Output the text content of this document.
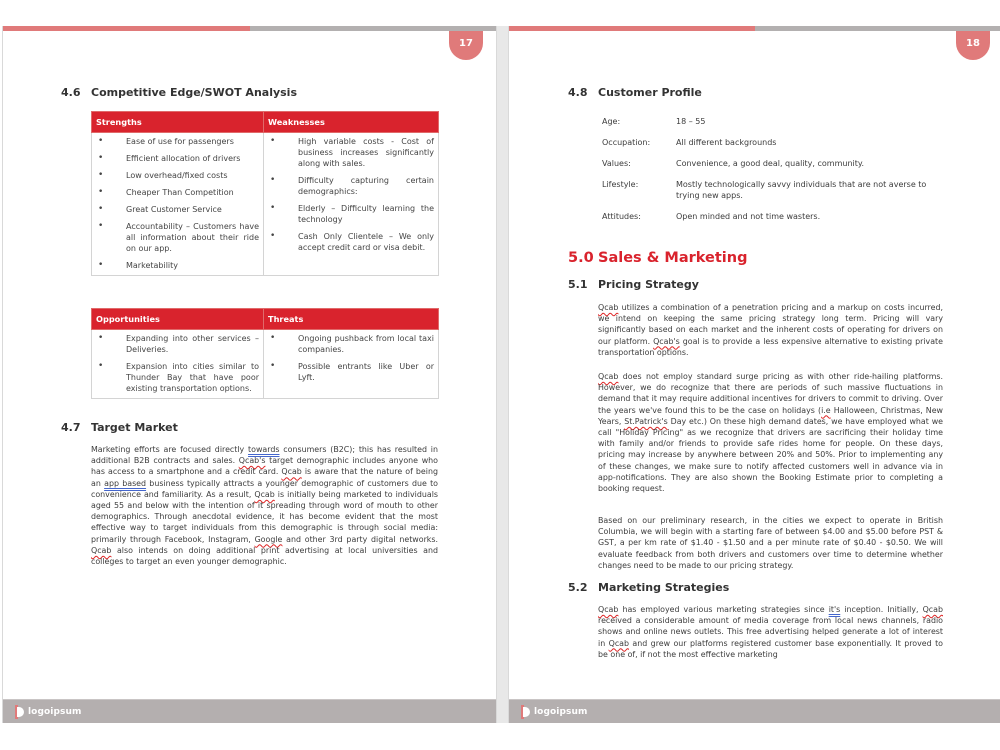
17
4.6 Competitive Edge/SWOT Analysis
Strengths	Weaknesses

• Ease of use for passengers
• Efficient allocation of drivers
• Low overhead/fixed costs
• Cheaper Than Competition
• Great Customer Service
• Accountability – Customers have all information about their ride on our app.
• Marketability

• High variable costs - Cost of business increases significantly along with sales.
• Difficulty capturing certain demographics:
• Elderly – Difficulty learning the technology
• Cash Only Clientele – We only accept credit card or visa debit.
Opportunities	Threats

• Expanding into other services – Deliveries.
• Expansion into cities similar to Thunder Bay that have poor existing transportation options.

• Ongoing pushback from local taxi companies.
• Possible entrants like Uber or Lyft.
4.7 Target Market

Marketing efforts are focused directly towards consumers (B2C); this has resulted in additional B2B contracts and sales. Qcab's target demographic includes anyone who has access to a smartphone and a credit card. Qcab is aware that the nature of being an app based business typically attracts a younger demographic of customers due to convenience and familiarity. As a result, Qcab is initially being marketed to individuals aged 55 and below with the intention of it spreading through word of mouth to other demographics. Through anecdotal evidence, it has become evident that the most effective way to target individuals from this demographic is through social media: primarily through Facebook, Instagram, Google and other 3rd party digital networks. Qcab also intends on doing additional print advertising at local universities and colleges to target an even younger demographic.

logoipsum
18
4.8 Customer Profile
Age:	18 – 55
Occupation:	All different backgrounds
Values:	Convenience, a good deal, quality, community.
Lifestyle:	Mostly technologically savvy individuals that are not averse to trying new apps.
Attitudes:	Open minded and not time wasters.
5.0 Sales & Marketing
5.1 Pricing Strategy

Qcab utilizes a combination of a penetration pricing and a markup on costs incurred, we intend on keeping the same pricing strategy long term. Pricing will vary significantly based on each market and the inherent costs of operating for drivers on our platform. Qcab's goal is to provide a less expensive alternative to existing private transportation options.

Qcab does not employ standard surge pricing as with other ride-hailing platforms. However, we do recognize that there are periods of such massive fluctuations in demand that it may require additional incentives for drivers to commit to driving. Over the years we've found this to be the case on holidays (i.e Halloween, Christmas, New Years, St.Patrick's Day etc.) On these high demand dates, we have employed what we call "Holiday Pricing" as we recognize that drivers are sacrificing their holiday time with family and/or friends to provide safe rides home for people. On these days, pricing may increase by anywhere between 20% and 50%. Prior to implementing any of these changes, we make sure to notify affected customers well in advance via in app-notifications. They are also shown the Booking Estimate prior to completing a booking request.

Based on our preliminary research, in the cities we expect to operate in British Columbia, we will begin with a starting fare of between $4.00 and $5.00 before PST & GST, a per km rate of $1.40 - $1.50 and a per minute rate of $0.40 - $0.50. We will evaluate feedback from both drivers and customers over time to determine whether changes need to be made to our pricing strategy.

5.2 Marketing Strategies

Qcab has employed various marketing strategies since it's inception. Initially, Qcab received a considerable amount of media coverage from local news channels, radio shows and online news outlets. This free advertising helped generate a lot of interest in Qcab and grew our platforms registered customer base exponentially. It proved to be one of, if not the most effective marketing

logoipsum
